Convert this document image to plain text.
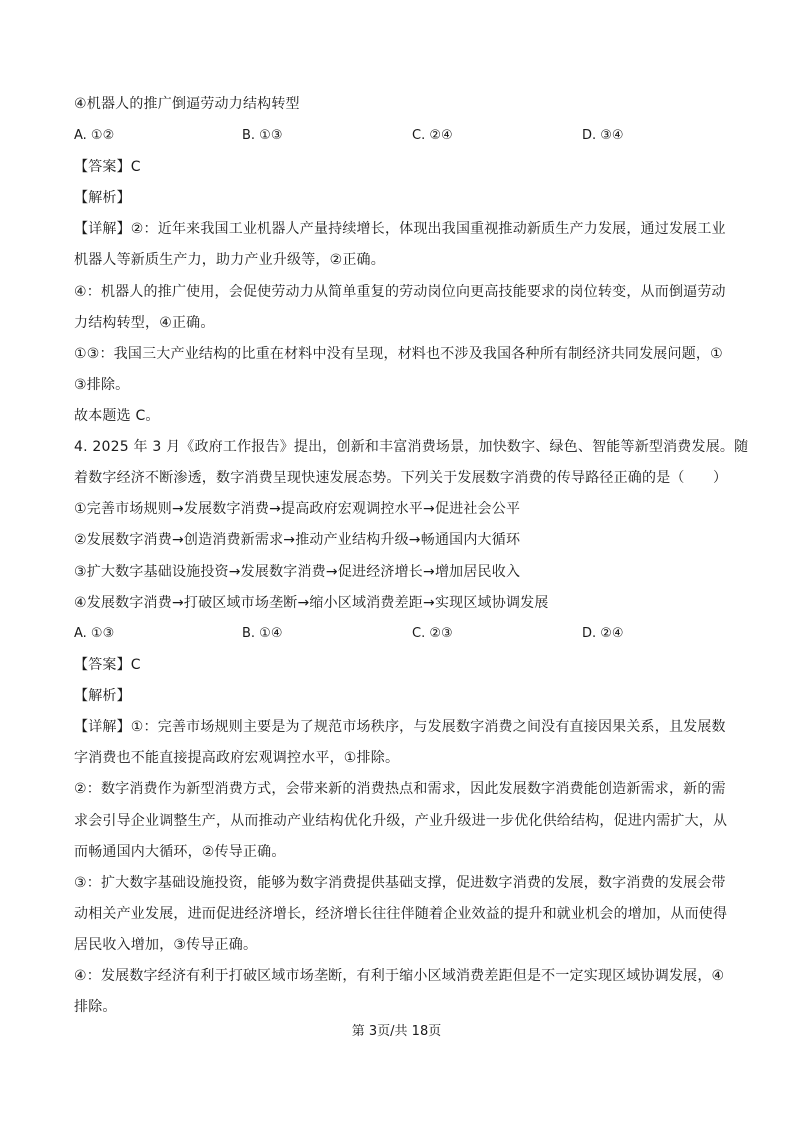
④机器人的推广倒逼劳动力结构转型
A. ①②	B. ①③	C. ②④	D. ③④
【答案】C
【解析】
【详解】②：近年来我国工业机器人产量持续增长，体现出我国重视推动新质生产力发展，通过发展工业
机器人等新质生产力，助力产业升级等，②正确。
④：机器人的推广使用，会促使劳动力从简单重复的劳动岗位向更高技能要求的岗位转变，从而倒逼劳动
力结构转型，④正确。
①③：我国三大产业结构的比重在材料中没有呈现，材料也不涉及我国各种所有制经济共同发展问题，①
③排除。
故本题选 C。
4. 2025 年 3 月《政府工作报告》提出，创新和丰富消费场景，加快数字、绿色、智能等新型消费发展。随
着数字经济不断渗透，数字消费呈现快速发展态势。下列关于发展数字消费的传导路径正确的是（　　）
①完善市场规则→发展数字消费→提高政府宏观调控水平→促进社会公平
②发展数字消费→创造消费新需求→推动产业结构升级→畅通国内大循环
③扩大数字基础设施投资→发展数字消费→促进经济增长→增加居民收入
④发展数字消费→打破区域市场垄断→缩小区域消费差距→实现区域协调发展
A. ①③	B. ①④	C. ②③	D. ②④
【答案】C
【解析】
【详解】①：完善市场规则主要是为了规范市场秩序，与发展数字消费之间没有直接因果关系，且发展数
字消费也不能直接提高政府宏观调控水平，①排除。
②：数字消费作为新型消费方式，会带来新的消费热点和需求，因此发展数字消费能创造新需求，新的需
求会引导企业调整生产，从而推动产业结构优化升级，产业升级进一步优化供给结构，促进内需扩大，从
而畅通国内大循环，②传导正确。
③：扩大数字基础设施投资，能够为数字消费提供基础支撑，促进数字消费的发展，数字消费的发展会带
动相关产业发展，进而促进经济增长，经济增长往往伴随着企业效益的提升和就业机会的增加，从而使得
居民收入增加，③传导正确。
④：发展数字经济有利于打破区域市场垄断，有利于缩小区域消费差距但是不一定实现区域协调发展，④
排除。
第 3页/共 18页
